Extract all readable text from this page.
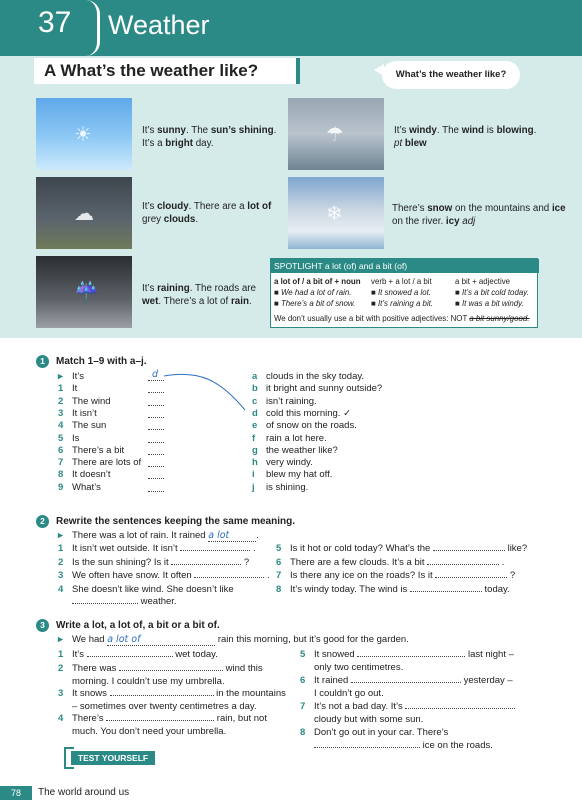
37 Weather
A What’s the weather like?	What’s the weather like?
☀	☂
☁	❄
☔
It’s sunny. The sun’s shining. It’s a bright day.
It’s windy. The wind is blowing.
pt blew
It’s cloudy. There are a lot of grey clouds.
There’s snow on the mountains and ice on the river. icy adj
It’s raining. The roads are wet. There’s a lot of rain.
SPOTLIGHT a lot (of) and a bit (of)
a lot of / a bit of + noun
■ We had a lot of rain.
■ There’s a bit of snow.
verb + a lot / a bit
■ It snowed a lot.
■ It’s raining a bit.
a bit + adjective
■ It’s a bit cold today.
■ It was a bit windy.
We don’t usually use a bit with positive adjectives: NOT a bit sunny/good.
1	Match 1–9 with a–j.
▸ It’s	d
1 It
2 The wind
3 It isn’t
4 The sun
5 Is
6 There’s a bit
7 There are lots of
8 It doesn’t
9 What’s
a clouds in the sky today.
b it bright and sunny outside?
c isn’t raining.
d cold this morning. ✓
e of snow on the roads.
f	rain a lot here.
g the weather like?
h very windy.
i	blew my hat off.
j	is shining.
2	Rewrite the sentences keeping the same meaning.
▸ There was a lot of rain. It rained a lot	.
1 It isn’t wet outside. It isn’t	.
2 Is the sun shining? Is it	?
3 We often have snow. It often	.
4 She doesn’t like wind. She doesn’t like
weather.
5 Is it hot or cold today? What’s the	like?
6 There are a few clouds. It’s a bit	.
7 Is there any ice on the roads? Is it	?
8 It’s windy today. The wind is	today.
3	Write a lot, a lot of, a bit or a bit of.
▸ We had a lot of	rain this morning, but it’s good for the garden.
1 It’s	wet today.
2 There was	wind this
morning. I couldn’t use my umbrella.
3 It snows	in the mountains
– sometimes over twenty centimetres a day.
4 There’s	rain, but not
much. You don’t need your umbrella.
5 It snowed	last night –
only two centimetres.
6 It rained	yesterday –
I couldn’t go out.
7 It’s not a bad day. It’s
cloudy but with some sun.
8 Don’t go out in your car. There’s
ice on the roads.
TEST YOURSELF
78	The world around us
